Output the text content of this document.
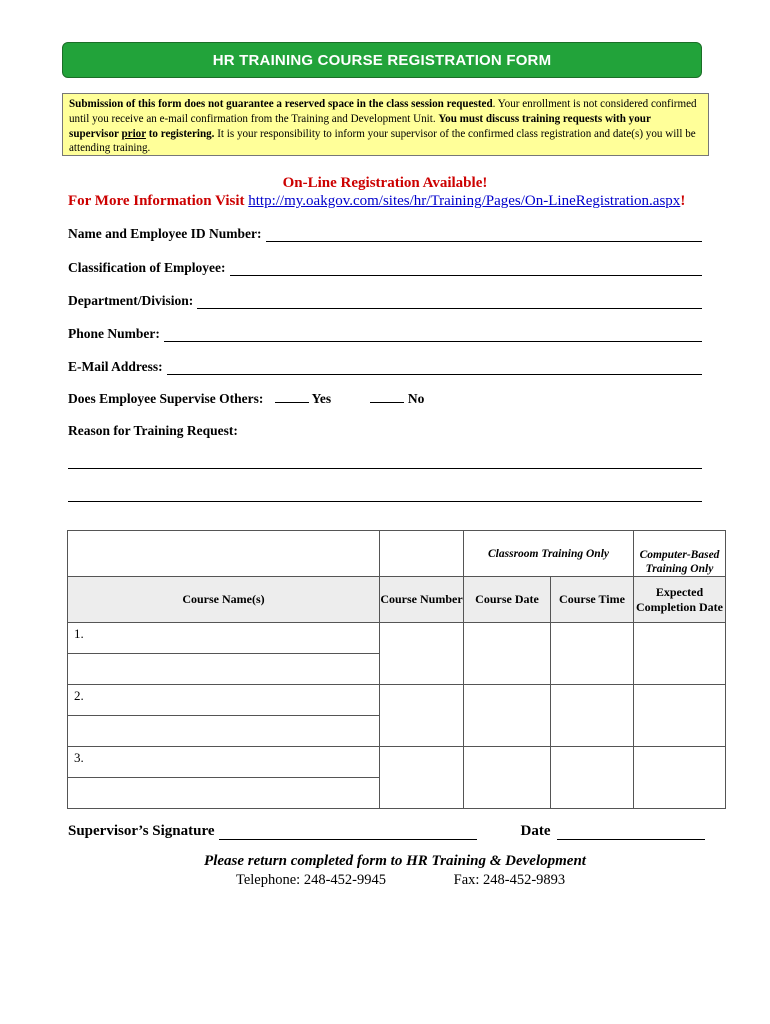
HR TRAINING COURSE REGISTRATION FORM
Submission of this form does not guarantee a reserved space in the class session requested. Your enrollment is not considered confirmed until you receive an e-mail confirmation from the Training and Development Unit. You must discuss training requests with your supervisor prior to registering. It is your responsibility to inform your supervisor of the confirmed class registration and date(s) you will be attending training.
On-Line Registration Available!
For More Information Visit http://my.oakgov.com/sites/hr/Training/Pages/On-LineRegistration.aspx!
Name and Employee ID Number:
Classification of Employee:
Department/Division:
Phone Number:
E-Mail Address:
Does Employee Supervise Others:	Yes	No
Reason for Training Request:
		Classroom Training Only		Computer-Based Training Only
Course Name(s)	Course Number	Course Date	Course Time	Expected Completion Date
1.				

2.				

3.				

Supervisor’s Signature	Date
Please return completed form to HR Training & Development
Telephone: 248-452-9945	Fax: 248-452-9893
